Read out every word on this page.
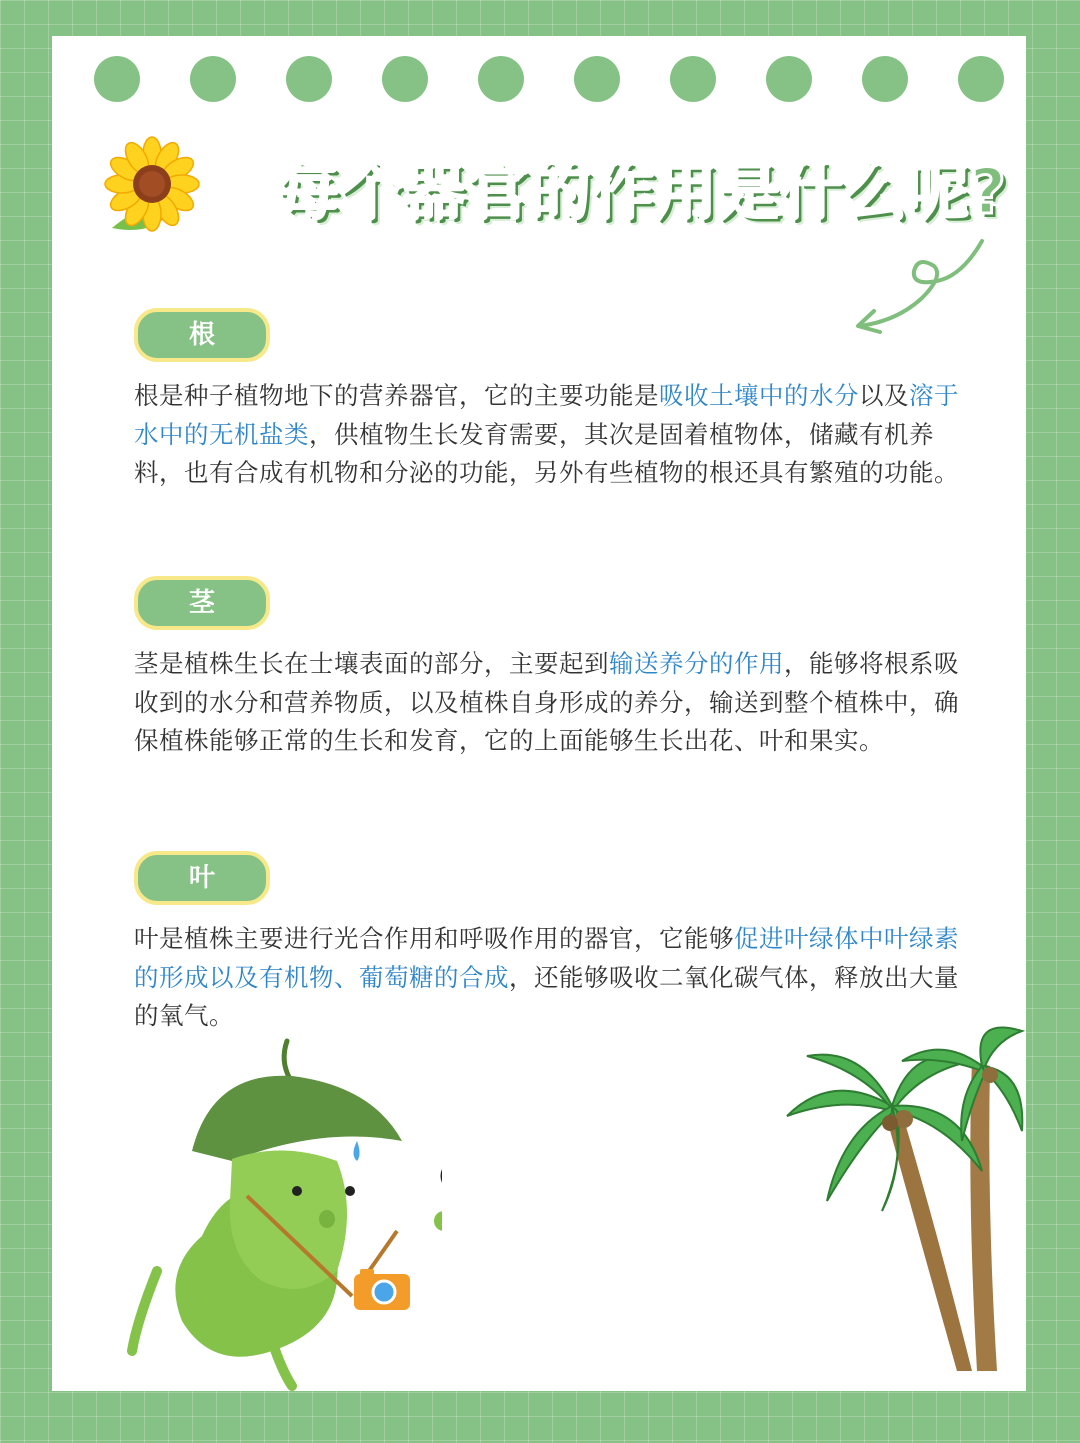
每个器官的作用是什么呢?
根

根是种子植物地下的营养器官，它的主要功能是吸收土壤中的水分以及溶于水中的无机盐类，供植物生长发育需要，其次是固着植物体，储藏有机养料，也有合成有机物和分泌的功能，另外有些植物的根还具有繁殖的功能。

茎

茎是植株生长在士壤表面的部分，主要起到输送养分的作用，能够将根系吸收到的水分和营养物质，以及植株自身形成的养分，输送到整个植株中，确保植株能够正常的生长和发育，它的上面能够生长出花、叶和果实。

叶

叶是植株主要进行光合作用和呼吸作用的器官，它能够促进叶绿体中叶绿素的形成以及有机物、葡萄糖的合成，还能够吸收二氧化碳气体，释放出大量的氧气。
